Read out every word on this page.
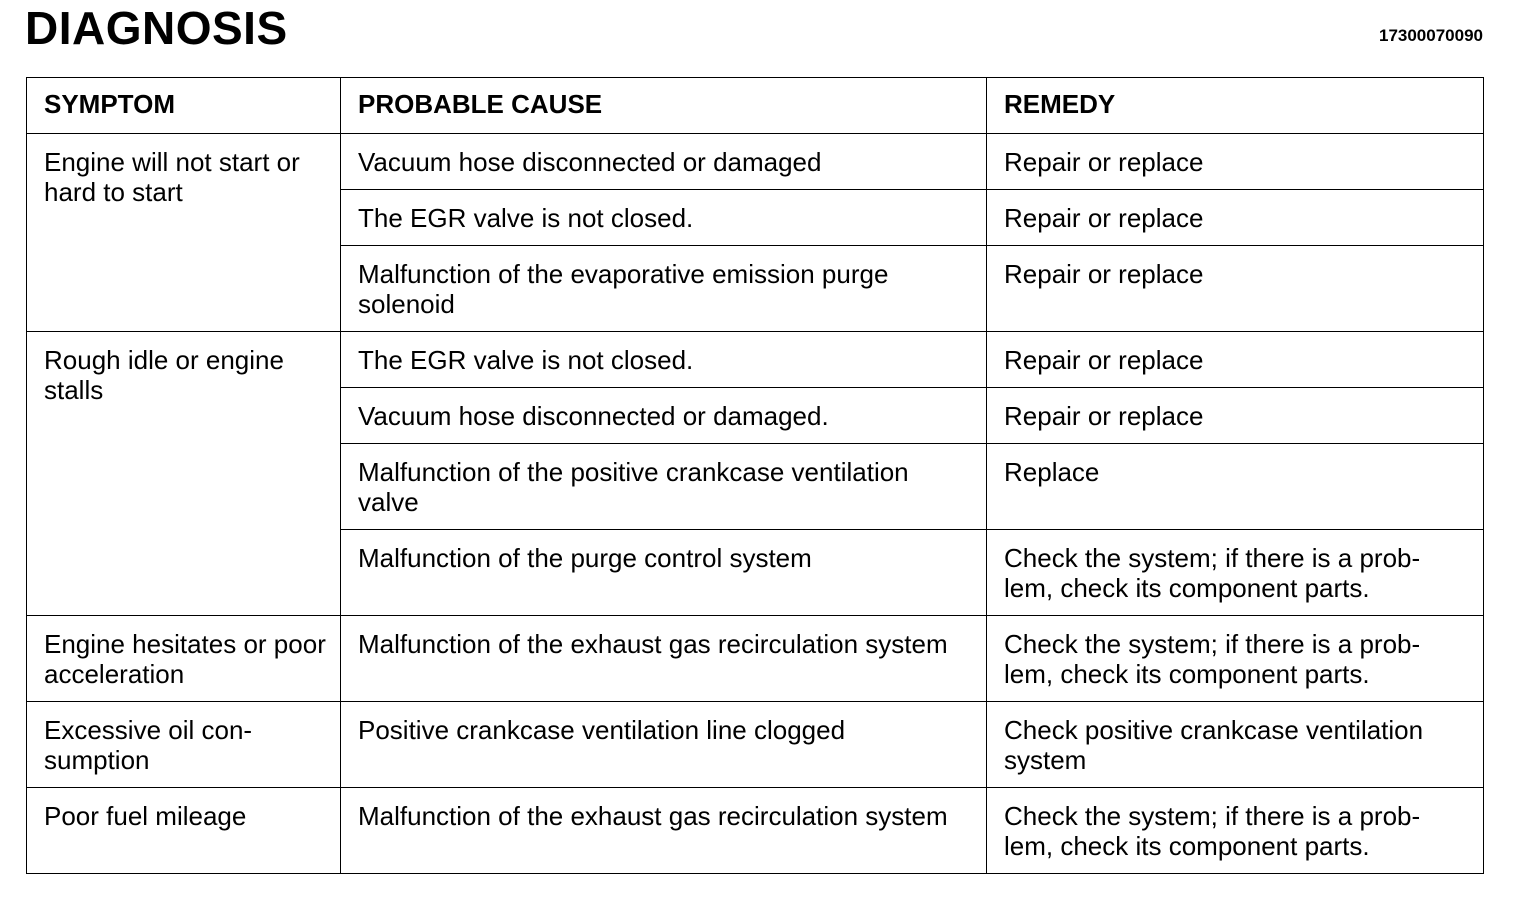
DIAGNOSIS	17300070090
SYMPTOM	PROBABLE CAUSE	REMEDY
Engine will not start or hard to start	Vacuum hose disconnected or damaged	Repair or replace
	The EGR valve is not closed.	Repair or replace
	Malfunction of the evaporative emission purge solenoid	Repair or replace
Rough idle or engine stalls	The EGR valve is not closed.	Repair or replace
	Vacuum hose disconnected or damaged.	Repair or replace
	Malfunction of the positive crankcase ventilation valve	Replace
	Malfunction of the purge control system	Check the system; if there is a prob-lem, check its component parts.
Engine hesitates or poor acceleration	Malfunction of the exhaust gas recirculation system	Check the system; if there is a prob-lem, check its component parts.
Excessive oil con-sumption	Positive crankcase ventilation line clogged	Check positive crankcase ventilation system
Poor fuel mileage	Malfunction of the exhaust gas recirculation system	Check the system; if there is a prob-lem, check its component parts.
